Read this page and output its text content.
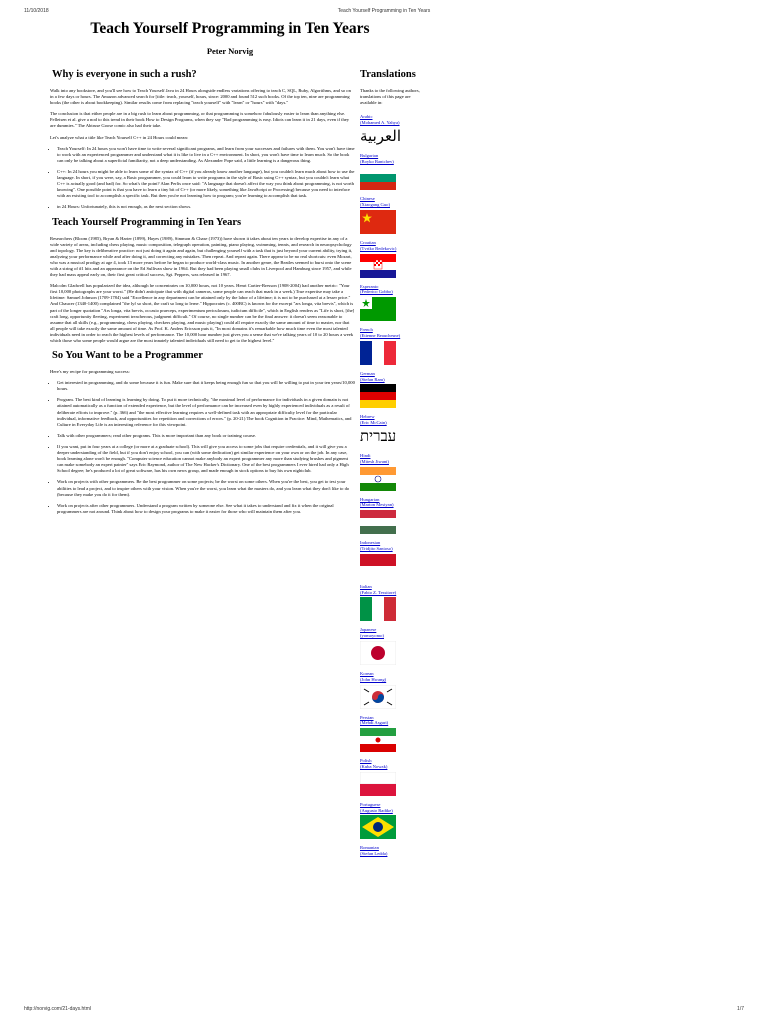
11/10/2018	Teach Yourself Programming in Ten Years
Teach Yourself Programming in Ten Years
Peter Norvig
Why is everyone in such a rush?

Walk into any bookstore, and you'll see how to Teach Yourself Java in 24 Hours alongside endless variations offering to teach C, SQL, Ruby, Algorithms, and so on in a few days or hours. The Amazon advanced search for [title: teach, yourself, hours, since: 2000 and found 512 such books. Of the top ten, nine are programming books (the other is about bookkeeping). Similar results come from replacing "teach yourself" with "learn" or "hours" with "days."

The conclusion is that either people are in a big rush to learn about programming, or that programming is somehow fabulously easier to learn than anything else. Felleisen et al. give a nod to this trend in their book How to Design Programs, when they say "Bad programming is easy. Idiots can learn it in 21 days, even if they are dummies." The Abtruse Goose comic also had their take.

Let's analyze what a title like Teach Yourself C++ in 24 Hours could mean:

• Teach Yourself: In 24 hours you won't have time to write several significant programs, and learn from your successes and failures with them. You won't have time to work with an experienced programmer and understand what it is like to live in a C++ environment. In short, you won't have time to learn much. So the book can only be talking about a superficial familiarity, not a deep understanding. As Alexander Pope said, a little learning is a dangerous thing.
• C++: In 24 hours you might be able to learn some of the syntax of C++ (if you already know another language), but you couldn't learn much about how to use the language. In short, if you were, say, a Basic programmer, you could learn to write programs in the style of Basic using C++ syntax, but you couldn't learn what C++ is actually good (and bad) for. So what's the point? Alan Perlis once said: "A language that doesn't affect the way you think about programming, is not worth knowing". One possible point is that you have to learn a tiny bit of C++ (or more likely, something like JavaScript or Processing) because you need to interface with an existing tool to accomplish a specific task. But then you're not learning how to program; you're learning to accomplish that task.
• in 24 Hours: Unfortunately, this is not enough, as the next section shows.
Teach Yourself Programming in Ten Years

Researchers (Bloom (1985), Bryan & Harter (1899), Hayes (1989), Simmon & Chase (1973)) have shown it takes about ten years to develop expertise in any of a wide variety of areas, including chess playing, music composition, telegraph operation, painting, piano playing, swimming, tennis, and research in neuropsychology and topology. The key is deliberative practice: not just doing it again and again, but challenging yourself with a task that is just beyond your current ability, trying it, analyzing your performance while and after doing it, and correcting any mistakes. Then repeat. And repeat again. There appear to be no real shortcuts: even Mozart, who was a musical prodigy at age 4, took 13 more years before he began to produce world-class music. In another genre, the Beatles seemed to burst onto the scene with a string of #1 hits and an appearance on the Ed Sullivan show in 1964. But they had been playing small clubs in Liverpool and Hamburg since 1957, and while they had mass appeal early on, their first great critical success, Sgt. Peppers, was released in 1967.

Malcolm Gladwell has popularized the idea, although he concentrates on 10,000 hours, not 10 years. Henri Cartier-Bresson (1908-2004) had another metric: "Your first 10,000 photographs are your worst." (He didn't anticipate that with digital cameras, some people can reach that mark in a week.) True expertise may take a lifetime: Samuel Johnson (1709-1784) said "Excellence in any department can be attained only by the labor of a lifetime; it is not to be purchased at a lesser price." And Chaucer (1340-1400) complained "the lyf so short, the craft so long to lerne." Hippocrates (c. 400BC) is known for the excerpt "ars longa, vita brevis", which is part of the longer quotation "Ars longa, vita brevis, occasio praeceps, experimentum periculosum, iudicium difficile", which in English renders as "Life is short, [the] craft long, opportunity fleeting, experiment treacherous, judgment difficult." Of course, no single number can be the final answer: it doesn't seem reasonable to assume that all skills (e.g., programming, chess playing, checkers playing, and music playing) could all require exactly the same amount of time to master, nor that all people will take exactly the same amount of time. As Prof. K. Anders Ericsson puts it, "In most domains it's remarkable how much time even the most talented individuals need in order to reach the highest levels of performance. The 10,000 hour number just gives you a sense that we're talking years of 10 to 20 hours a week which those who some people would argue are the most innately talented individuals still need to get to the highest level."

So You Want to be a Programmer

Here's my recipe for programming success:

• Get interested in programming, and do some because it is fun. Make sure that it keeps being enough fun so that you will be willing to put in your ten years/10,000 hours.
• Program. The best kind of learning is learning by doing. To put it more technically, "the maximal level of performance for individuals in a given domain is not attained automatically as a function of extended experience, but the level of performance can be increased even by highly experienced individuals as a result of deliberate efforts to improve." (p. 366) and "the most effective learning requires a well-defined task with an appropriate difficulty level for the particular individual, informative feedback, and opportunities for repetition and corrections of errors." (p. 20-21) The book Cognition in Practice: Mind, Mathematics, and Culture in Everyday Life is an interesting reference for this viewpoint.
• Talk with other programmers; read other programs. This is more important than any book or training course.
• If you want, put in four years at a college (or more at a graduate school). This will give you access to some jobs that require credentials, and it will give you a deeper understanding of the field, but if you don't enjoy school, you can (with some dedication) get similar experience on your own or on the job. In any case, book learning alone won't be enough. "Computer science education cannot make anybody an expert programmer any more than studying brushes and pigment can make somebody an expert painter" says Eric Raymond, author of The New Hacker's Dictionary. One of the best programmers I ever hired had only a High School degree; he's produced a lot of great software, has his own news group, and made enough in stock options to buy his own nightclub.
• Work on projects with other programmers. Be the best programmer on some projects; be the worst on some others. When you're the best, you get to test your abilities to lead a project, and to inspire others with your vision. When you're the worst, you learn what the masters do, and you learn what they don't like to do (because they make you do it for them).
• Work on projects after other programmers. Understand a program written by someone else. See what it takes to understand and fix it when the original programmers are not around. Think about how to design your programs to make it easier for those who will maintain them after you.
Translations

Thanks to the following authors, translations of this page are available in:

Arabic
(Mohamed A. Yahya)
العربية
Bulgarian
(Boyko Bantchev)
Chinese
(Xiaogang Guo)
Croatian
(Tvrtko Bedekovic)
Esperanto
(Federico Gobbo)
French
(Etienne Beauchesne)
German
(Stefan Ram)
Hebrew
(Eric McCain)
עברית
Hindi
(Mitesh Jiwani)
Hungarian
(Marton Mestyan)
Indonesian
(Tridjito Santoso)
Italian
(Fabio Z. Tessitore)
Japanese
(yomoyomo)
Korean
(John Hwang)
Persian
(Mehdi Asgari)
Polish
(Kuba Nowak)
Portuguese
(Augusto Radtke)
Romanian
(Stefan Ledda)
http://norvig.com/21-days.html	1/7
